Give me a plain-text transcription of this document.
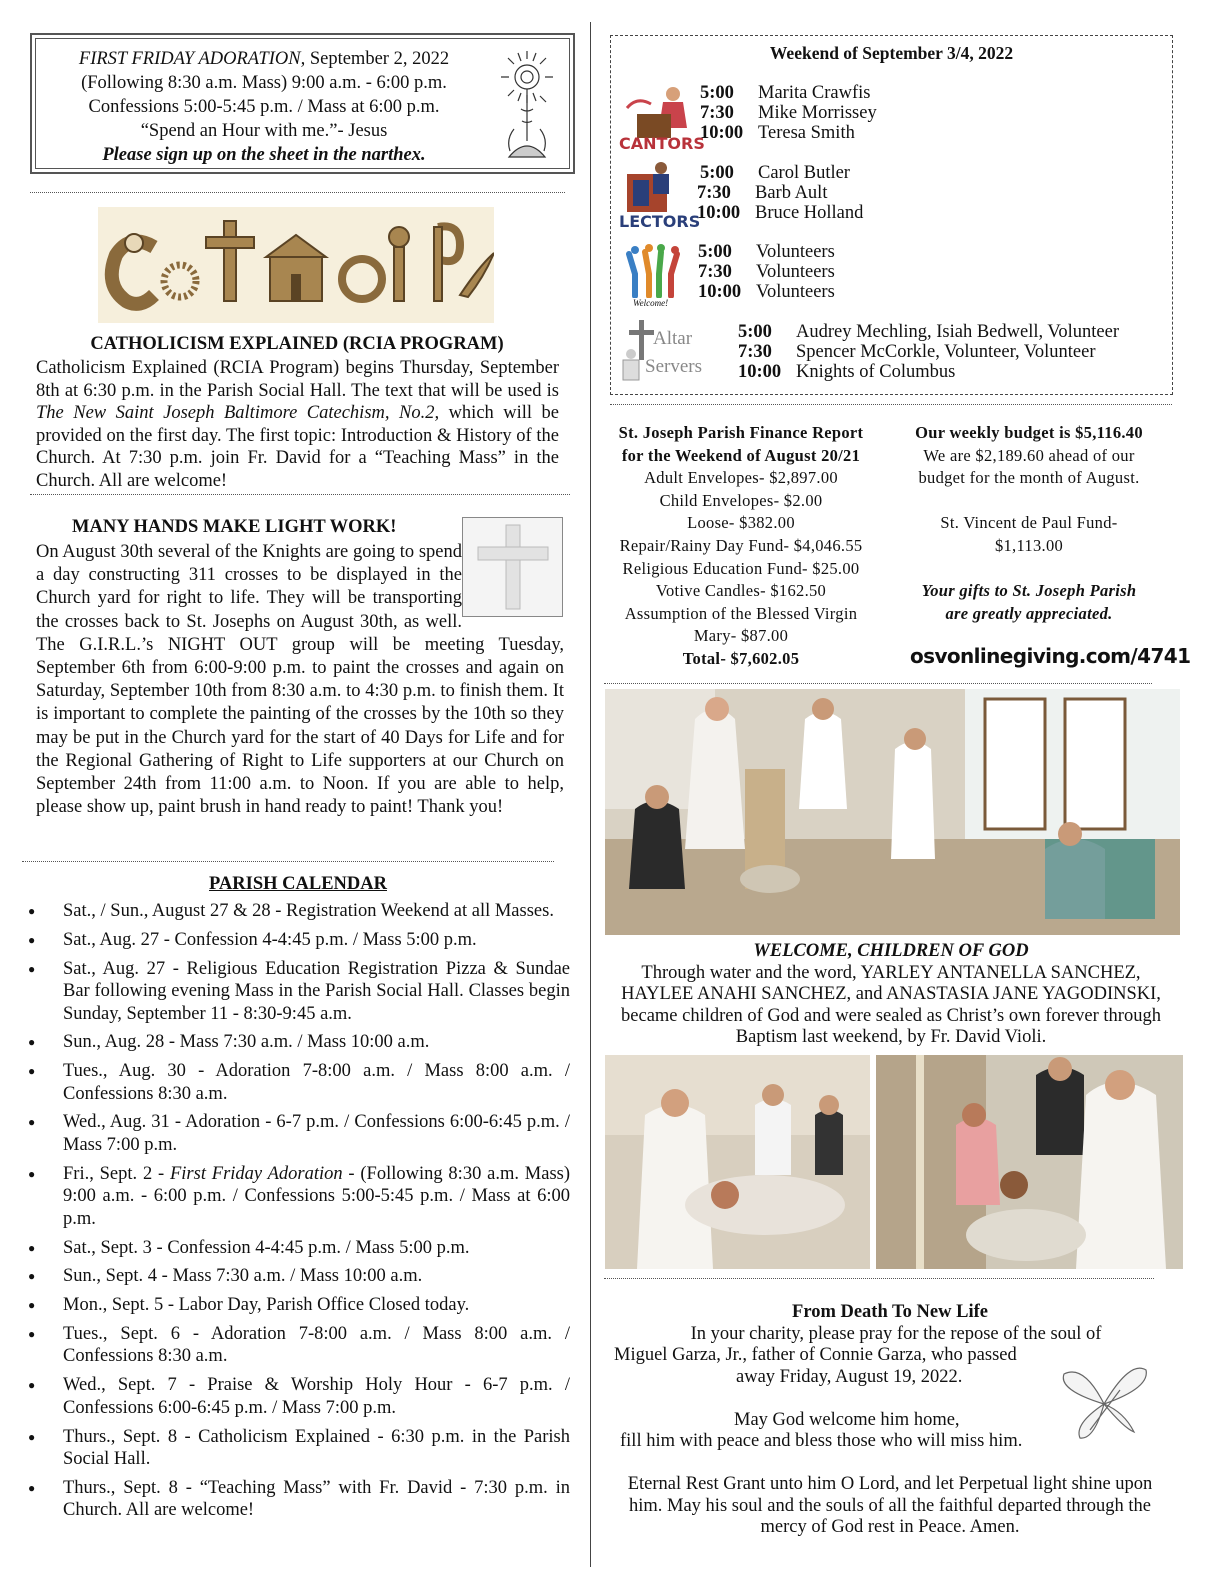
FIRST FRIDAY ADORATION, September 2, 2022
(Following 8:30 a.m. Mass) 9:00 a.m. - 6:00 p.m.
Confessions 5:00-5:45 p.m. / Mass at 6:00 p.m.
“Spend an Hour with me.”- Jesus
Please sign up on the sheet in the narthex.
CATHOLICISM EXPLAINED (RCIA PROGRAM)
Catholicism Explained (RCIA Program) begins Thursday, September 8th at 6:30 p.m. in the Parish Social Hall. The text that will be used is The New Saint Joseph Baltimore Catechism, No.2, which will be provided on the first day. The first topic: Introduction & History of the Church. At 7:30 p.m. join Fr. David for a “Teaching Mass” in the Church. All are welcome!
MANY HANDS MAKE LIGHT WORK!
On August 30th several of the Knights are going to spend a day constructing 311 crosses to be displayed in the Church yard for right to life. They will be transporting the crosses back to St. Josephs on August 30th, as well. The G.I.R.L.’s NIGHT OUT group will be meeting Tuesday, September 6th from 6:00-9:00 p.m. to paint the crosses and again on Saturday, September 10th from 8:30 a.m. to 4:30 p.m. to finish them. It is important to complete the painting of the crosses by the 10th so they may be put in the Church yard for the start of 40 Days for Life and for the Regional Gathering of Right to Life supporters at our Church on September 24th from 11:00 a.m. to Noon. If you are able to help, please show up, paint brush in hand ready to paint! Thank you!
PARISH CALENDAR
● Sat., / Sun., August 27 & 28 - Registration Weekend at all Masses.
● Sat., Aug. 27 - Confession 4-4:45 p.m. / Mass 5:00 p.m.
● Sat., Aug. 27 - Religious Education Registration Pizza & Sundae Bar following evening Mass in the Parish Social Hall. Classes begin Sunday, September 11 - 8:30-9:45 a.m.
● Sun., Aug. 28 - Mass 7:30 a.m. / Mass 10:00 a.m.
● Tues., Aug. 30 - Adoration 7-8:00 a.m. / Mass 8:00 a.m. / Confessions 8:30 a.m.
● Wed., Aug. 31 - Adoration - 6-7 p.m. / Confessions 6:00-6:45 p.m. / Mass 7:00 p.m.
● Fri., Sept. 2 - First Friday Adoration - (Following 8:30 a.m. Mass) 9:00 a.m. - 6:00 p.m. / Confessions 5:00-5:45 p.m. / Mass at 6:00 p.m.
● Sat., Sept. 3 - Confession 4-4:45 p.m. / Mass 5:00 p.m.
● Sun., Sept. 4 - Mass 7:30 a.m. / Mass 10:00 a.m.
● Mon., Sept. 5 - Labor Day, Parish Office Closed today.
● Tues., Sept. 6 - Adoration 7-8:00 a.m. / Mass 8:00 a.m. / Confessions 8:30 a.m.
● Wed., Sept. 7 - Praise & Worship Holy Hour - 6-7 p.m. / Confessions 6:00-6:45 p.m. / Mass 7:00 p.m.
● Thurs., Sept. 8 - Catholicism Explained - 6:30 p.m. in the Parish Social Hall.
● Thurs., Sept. 8 - “Teaching Mass” with Fr. David - 7:30 p.m. in Church. All are welcome!
Weekend of September 3/4, 2022
CANTORS
5:00 Marita Crawfis
7:30 Mike Morrissey
10:00 Teresa Smith
LECTORS
5:00 Carol Butler
7:30 Barb Ault
10:00 Bruce Holland
Welcome!
5:00 Volunteers
7:30 Volunteers
10:00 Volunteers
Altar
Servers
5:00 Audrey Mechling, Isiah Bedwell, Volunteer
7:30 Spencer McCorkle, Volunteer, Volunteer
10:00 Knights of Columbus
St. Joseph Parish Finance Report
for the Weekend of August 20/21
Adult Envelopes- $2,897.00
Child Envelopes- $2.00
Loose- $382.00
Repair/Rainy Day Fund- $4,046.55
Religious Education Fund- $25.00
Votive Candles- $162.50
Assumption of the Blessed Virgin
Mary- $87.00
Total- $7,602.05
Our weekly budget is $5,116.40
We are $2,189.60 ahead of our
budget for the month of August.
St. Vincent de Paul Fund-
$1,113.00
Your gifts to St. Joseph Parish
are greatly appreciated.
osvonlinegiving.com/4741
WELCOME, CHILDREN OF GOD
Through water and the word, YARLEY ANTANELLA SANCHEZ, HAYLEE ANAHI SANCHEZ, and ANASTASIA JANE YAGODINSKI, became children of God and were sealed as Christ’s own forever through Baptism last weekend, by Fr. David Violi.
From Death To New Life
In your charity, please pray for the repose of the soul of
Miguel Garza, Jr., father of Connie Garza, who passed
away Friday, August 19, 2022.
May God welcome him home,
fill him with peace and bless those who will miss him.
Eternal Rest Grant unto him O Lord, and let Perpetual light shine upon him. May his soul and the souls of all the faithful departed through the mercy of God rest in Peace. Amen.
